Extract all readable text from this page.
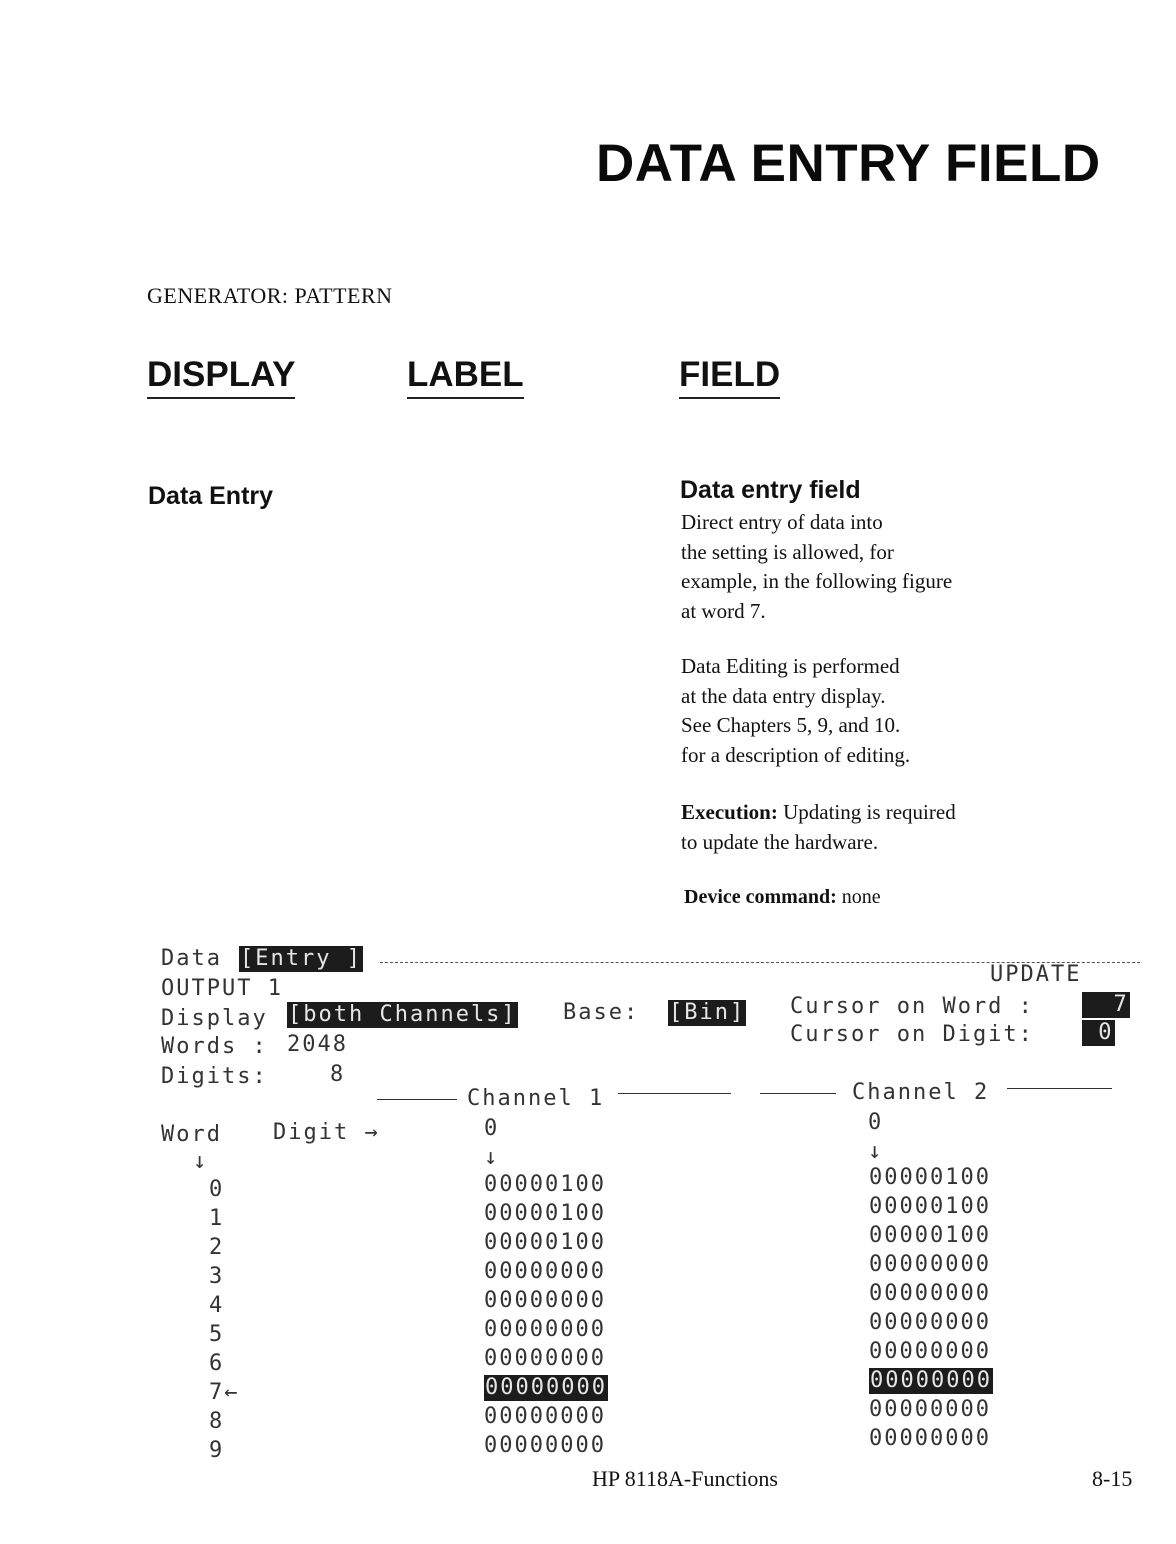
DATA ENTRY FIELD
GENERATOR: PATTERN
DISPLAY	LABEL	FIELD
Data Entry	Data entry field
Direct entry of data into
the setting is allowed, for
example, in the following figure
at word 7.
Data Editing is performed
at the data entry display.
See Chapters 5, 9, and 10.
for a description of editing.
Execution: Updating is required
to update the hardware.
Device command: none
Data [Entry ]
UPDATE
OUTPUT 1
Display [both Channels] Base: [Bin] Cursor on Word : 7
Cursor on Digit: 0
Words : 2048
Digits:	8
Channel 1	Channel 2
Word Digit →	0	0
↓	↓	↓
0	00000100	00000100
1	00000100	00000100
2	00000100	00000100
3	00000000	00000000
4	00000000	00000000
5	00000000	00000000
6	00000000	00000000
7←	00000000	00000000
8	00000000	00000000
9	00000000	00000000
HP 8118A-Functions	8-15
